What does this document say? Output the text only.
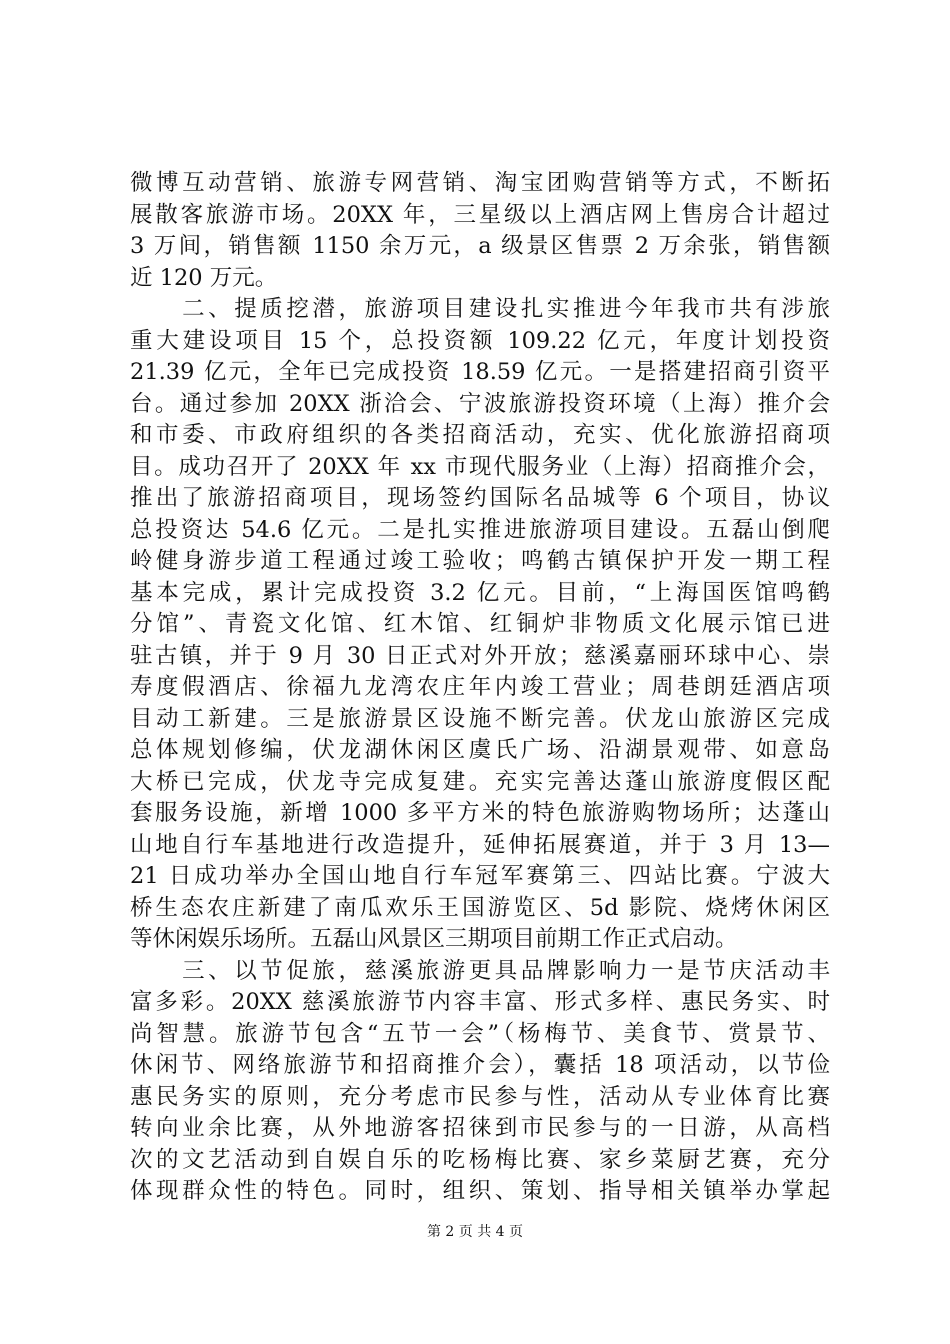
微博互动营销、旅游专网营销、淘宝团购营销等方式，不断拓
展散客旅游市场。20XX 年，三星级以上酒店网上售房合计超过
3 万间，销售额 1150 余万元，a 级景区售票 2 万余张，销售额
近 120 万元。
　　二、提质挖潜，旅游项目建设扎实推进今年我市共有涉旅
重大建设项目 15 个，总投资额 109.22 亿元，年度计划投资
21.39 亿元，全年已完成投资 18.59 亿元。一是搭建招商引资平
台。通过参加 20XX 浙洽会、宁波旅游投资环境（上海）推介会
和市委、市政府组织的各类招商活动，充实、优化旅游招商项
目。成功召开了 20XX 年 xx 市现代服务业（上海）招商推介会，
推出了旅游招商项目，现场签约国际名品城等 6 个项目，协议
总投资达 54.6 亿元。二是扎实推进旅游项目建设。五磊山倒爬
岭健身游步道工程通过竣工验收；鸣鹤古镇保护开发一期工程
基本完成，累计完成投资 3.2 亿元。目前，“上海国医馆鸣鹤
分馆”、青瓷文化馆、红木馆、红铜炉非物质文化展示馆已进
驻古镇，并于 9 月 30 日正式对外开放；慈溪嘉丽环球中心、崇
寿度假酒店、徐福九龙湾农庄年内竣工营业；周巷朗廷酒店项
目动工新建。三是旅游景区设施不断完善。伏龙山旅游区完成
总体规划修编，伏龙湖休闲区虞氏广场、沿湖景观带、如意岛
大桥已完成，伏龙寺完成复建。充实完善达蓬山旅游度假区配
套服务设施，新增 1000 多平方米的特色旅游购物场所；达蓬山
山地自行车基地进行改造提升，延伸拓展赛道，并于 3 月 13—
21 日成功举办全国山地自行车冠军赛第三、四站比赛。宁波大
桥生态农庄新建了南瓜欢乐王国游览区、5d 影院、烧烤休闲区
等休闲娱乐场所。五磊山风景区三期项目前期工作正式启动。
　　三、以节促旅，慈溪旅游更具品牌影响力一是节庆活动丰
富多彩。20XX 慈溪旅游节内容丰富、形式多样、惠民务实、时
尚智慧。旅游节包含“五节一会”（杨梅节、美食节、赏景节、
休闲节、网络旅游节和招商推介会），囊括 18 项活动，以节俭
惠民务实的原则，充分考虑市民参与性，活动从专业体育比赛
转向业余比赛，从外地游客招徕到市民参与的一日游，从高档
次的文艺活动到自娱自乐的吃杨梅比赛、家乡菜厨艺赛，充分
体现群众性的特色。同时，组织、策划、指导相关镇举办掌起
第 2 页 共 4 页
